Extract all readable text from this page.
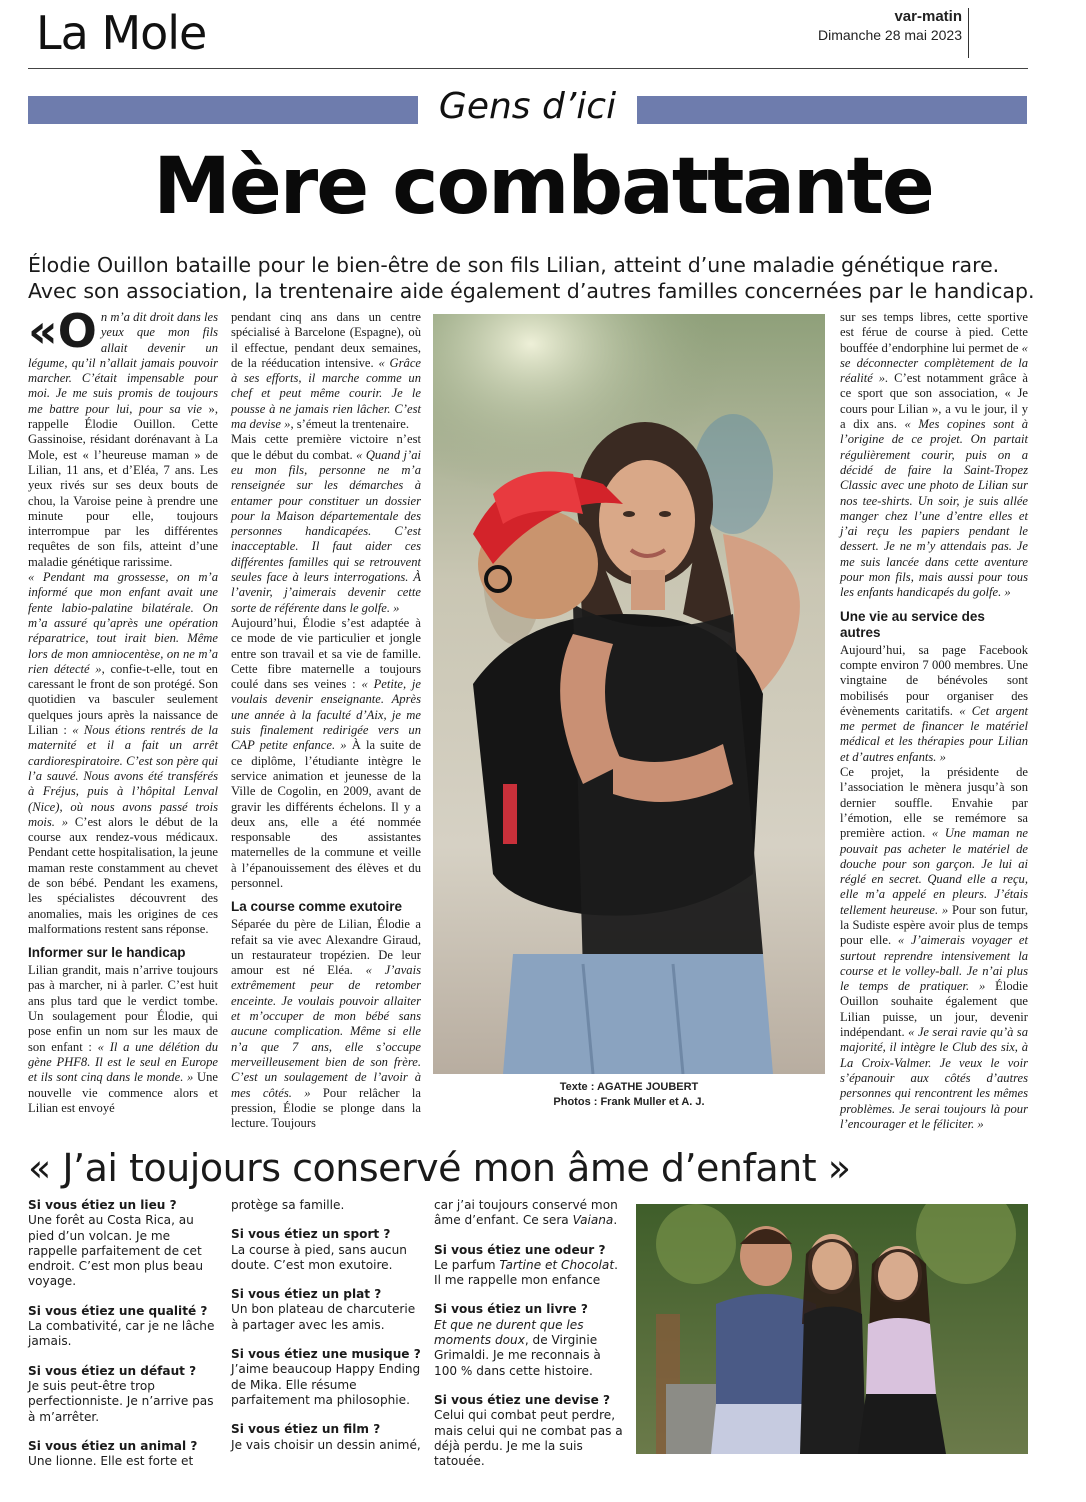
La Mole	var-matin
Dimanche 28 mai 2023
Gens d’ici
Mère combattante
Élodie Ouillon bataille pour le bien-être de son fils Lilian, atteint d’une maladie génétique rare. Avec son association, la trentenaire aide également d’autres familles concernées par le handicap.

«O n m’a dit droit dans les yeux que mon fils allait devenir un légume, qu’il n’allait jamais pouvoir marcher. C’était impensable pour moi. Je me suis promis de toujours me battre pour lui, pour sa vie », rappelle Élodie Ouillon. Cette Gassinoise, résidant dorénavant à La Mole, est « l’heureuse maman » de Lilian, 11 ans, et d’Eléa, 7 ans. Les yeux rivés sur ses deux bouts de chou, la Varoise peine à prendre une minute pour elle, toujours interrompue par les différentes requêtes de son fils, atteint d’une maladie génétique rarissime.

« Pendant ma grossesse, on m’a informé que mon enfant avait une fente labio-palatine bilatérale. On m’a assuré qu’après une opération réparatrice, tout irait bien. Même lors de mon amniocentèse, on ne m’a rien détecté », confie-t-elle, tout en caressant le front de son protégé. Son quotidien va basculer seulement quelques jours après la naissance de Lilian : « Nous étions rentrés de la maternité et il a fait un arrêt cardiorespiratoire. C’est son père qui l’a sauvé. Nous avons été transférés à Fréjus, puis à l’hôpital Lenval (Nice), où nous avons passé trois mois. » C’est alors le début de la course aux rendez-vous médicaux. Pendant cette hospitalisation, la jeune maman reste constamment au chevet de son bébé. Pendant les examens, les spécialistes découvrent des anomalies, mais les origines de ces malformations restent sans réponse.

Informer sur le handicap

Lilian grandit, mais n’arrive toujours pas à marcher, ni à parler. C’est huit ans plus tard que le verdict tombe. Un soulagement pour Élodie, qui pose enfin un nom sur les maux de son enfant : « Il a une délétion du gène PHF8. Il est le seul en Europe et ils sont cinq dans le monde. » Une nouvelle vie commence alors et Lilian est envoyé

pendant cinq ans dans un centre spécialisé à Barcelone (Espagne), où il effectue, pendant deux semaines, de la rééducation intensive. « Grâce à ses efforts, il marche comme un chef et peut même courir. Je le pousse à ne jamais rien lâcher. C’est ma devise », s’émeut la trentenaire.

Mais cette première victoire n’est que le début du combat. « Quand j’ai eu mon fils, personne ne m’a renseignée sur les démarches à entamer pour constituer un dossier pour la Maison départementale des personnes handicapées. C’est inacceptable. Il faut aider ces différentes familles qui se retrouvent seules face à leurs interrogations. À l’avenir, j’aimerais devenir cette sorte de référente dans le golfe. »

Aujourd’hui, Élodie s’est adaptée à ce mode de vie particulier et jongle entre son travail et sa vie de famille. Cette fibre maternelle a toujours coulé dans ses veines : « Petite, je voulais devenir enseignante. Après une année à la faculté d’Aix, je me suis finalement redirigée vers un CAP petite enfance. » À la suite de ce diplôme, l’étudiante intègre le service animation et jeunesse de la Ville de Cogolin, en 2009, avant de gravir les différents échelons. Il y a deux ans, elle a été nommée responsable des assistantes maternelles de la commune et veille à l’épanouissement des élèves et du personnel.

La course comme exutoire

Séparée du père de Lilian, Élodie a refait sa vie avec Alexandre Giraud, un restaurateur tropézien. De leur amour est né Eléa. « J’avais extrêmement peur de retomber enceinte. Je voulais pouvoir allaiter et m’occuper de mon bébé sans aucune complication. Même si elle n’a que 7 ans, elle s’occupe merveilleusement bien de son frère. C’est un soulagement de l’avoir à mes côtés. » Pour relâcher la pression, Élodie se plonge dans la lecture. Toujours

Texte : AGATHE JOUBERT
Photos : Frank Muller et A. J.

sur ses temps libres, cette sportive est férue de course à pied. Cette bouffée d’endorphine lui permet de « se déconnecter complètement de la réalité ». C’est notamment grâce à ce sport que son association, « Je cours pour Lilian », a vu le jour, il y a dix ans. « Mes copines sont à l’origine de ce projet. On partait régulièrement courir, puis on a décidé de faire la Saint-Tropez Classic avec une photo de Lilian sur nos tee-shirts. Un soir, je suis allée manger chez l’une d’entre elles et j’ai reçu les papiers pendant le dessert. Je ne m’y attendais pas. Je me suis lancée dans cette aventure pour mon fils, mais aussi pour tous les enfants handicapés du golfe. »

Une vie au service des autres

Aujourd’hui, sa page Facebook compte environ 7 000 membres. Une vingtaine de bénévoles sont mobilisés pour organiser des évènements caritatifs. « Cet argent me permet de financer le matériel médical et les thérapies pour Lilian et d’autres enfants. »

Ce projet, la présidente de l’association le mènera jusqu’à son dernier souffle. Envahie par l’émotion, elle se remémore sa première action. « Une maman ne pouvait pas acheter le matériel de douche pour son garçon. Je lui ai réglé en secret. Quand elle a reçu, elle m’a appelé en pleurs. J’étais tellement heureuse. » Pour son futur, la Sudiste espère avoir plus de temps pour elle. « J’aimerais voyager et surtout reprendre intensivement la course et le volley-ball. Je n’ai plus le temps de pratiquer. » Élodie Ouillon souhaite également que Lilian puisse, un jour, devenir indépendant. « Je serai ravie qu’à sa majorité, il intègre le Club des six, à La Croix-Valmer. Je veux le voir s’épanouir aux côtés d’autres personnes qui rencontrent les mêmes problèmes. Je serai toujours là pour l’encourager et le féliciter. »

« J’ai toujours conservé mon âme d’enfant »
Si vous étiez un lieu ?
Une forêt au Costa Rica, au pied d’un volcan. Je me rappelle parfaitement de cet endroit. C’est mon plus beau voyage.
Si vous étiez une qualité ?
La combativité, car je ne lâche jamais.
Si vous étiez un défaut ?
Je suis peut-être trop perfectionniste. Je n’arrive pas à m’arrêter.
Si vous étiez un animal ?
Une lionne. Elle est forte et
protège sa famille.
Si vous étiez un sport ?
La course à pied, sans aucun doute. C’est mon exutoire.
Si vous étiez un plat ?
Un bon plateau de charcuterie à partager avec les amis.
Si vous étiez une musique ?
J’aime beaucoup Happy Ending de Mika. Elle résume parfaitement ma philosophie.
Si vous étiez un film ?
Je vais choisir un dessin animé,
car j’ai toujours conservé mon âme d’enfant. Ce sera Vaiana.
Si vous étiez une odeur ?
Le parfum Tartine et Chocolat. Il me rappelle mon enfance
Si vous étiez un livre ?
Et que ne durent que les moments doux, de Virginie Grimaldi. Je me reconnais à 100 % dans cette histoire.
Si vous étiez une devise ?
Celui qui combat peut perdre, mais celui qui ne combat pas a déjà perdu. Je me la suis tatouée.
